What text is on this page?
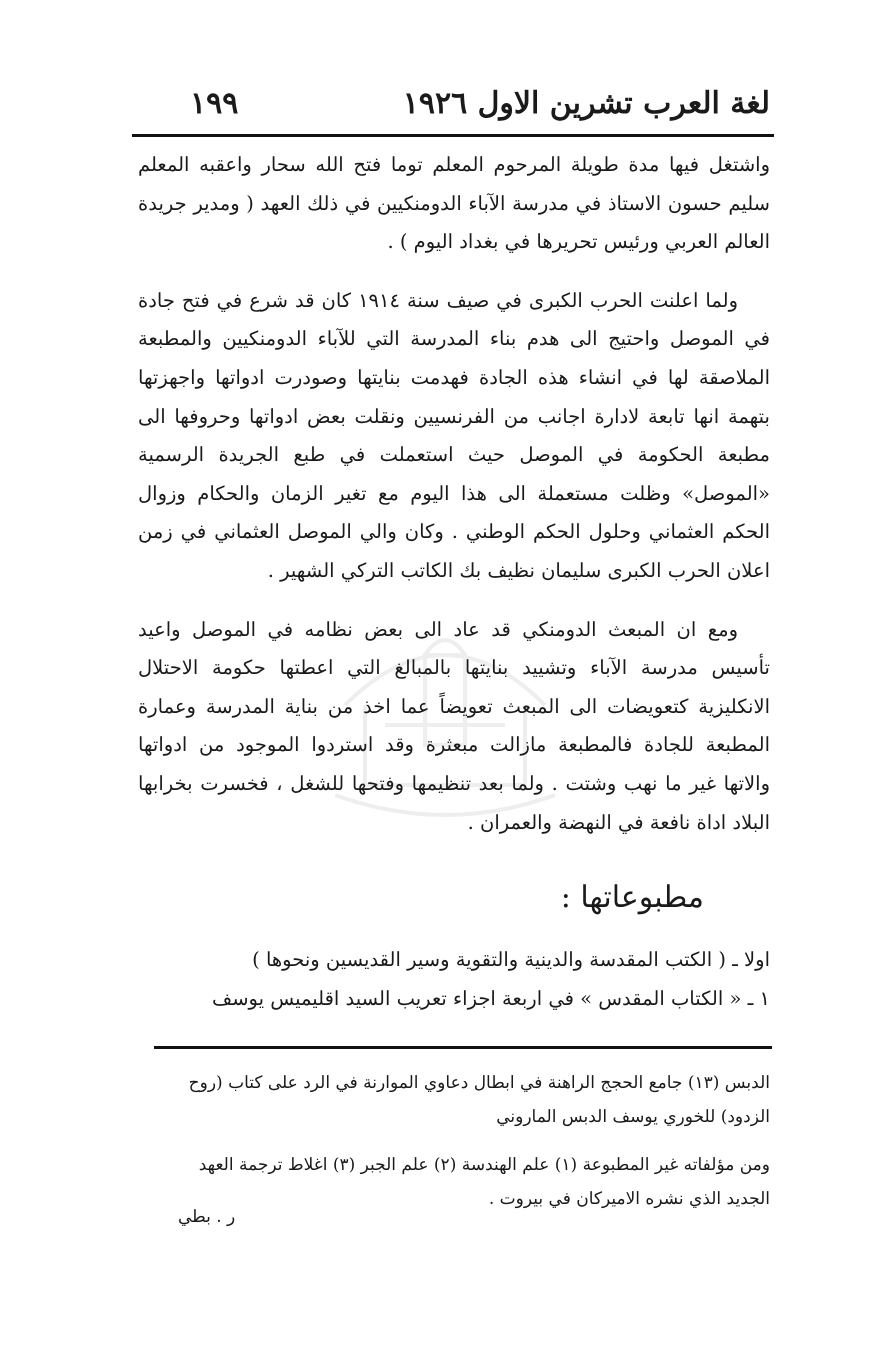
لغة العرب تشرين الاول ١٩٢٦
١٩٩

واشتغل فيها مدة طويلة المرحوم المعلم توما فتح الله سحار واعقبه المعلم سليم حسون الاستاذ في مدرسة الآباء الدومنكيين في ذلك العهد ( ومدير جريدة العالم العربي ورئيس تحريرها في بغداد اليوم ) .

ولما اعلنت الحرب الكبرى في صيف سنة ١٩١٤ كان قد شرع في فتح جادة في الموصل واحتيج الى هدم بناء المدرسة التي للآباء الدومنكيين والمطبعة الملاصقة لها في انشاء هذه الجادة فهدمت بنايتها وصودرت ادواتها واجهزتها بتهمة انها تابعة لادارة اجانب من الفرنسيين ونقلت بعض ادواتها وحروفها الى مطبعة الحكومة في الموصل حيث استعملت في طبع الجريدة الرسمية «الموصل» وظلت مستعملة الى هذا اليوم مع تغير الزمان والحكام وزوال الحكم العثماني وحلول الحكم الوطني . وكان والي الموصل العثماني في زمن اعلان الحرب الكبرى سليمان نظيف بك الكاتب التركي الشهير .

ومع ان المبعث الدومنكي قد عاد الى بعض نظامه في الموصل واعيد تأسيس مدرسة الآباء وتشييد بنايتها بالمبالغ التي اعطتها حكومة الاحتلال الانكليزية كتعويضات الى المبعث تعويضاً عما اخذ من بناية المدرسة وعمارة المطبعة للجادة فالمطبعة مازالت مبعثرة وقد استردوا الموجود من ادواتها والاتها غير ما نهب وشتت . ولما بعد تنظيمها وفتحها للشغل ، فخسرت بخرابها البلاد اداة نافعة في النهضة والعمران .

مطبوعاتها :
اولا ـ ( الكتب المقدسة والدينية والتقوية وسير القديسين ونحوها )
١ ـ « الكتاب المقدس » في اربعة اجزاء تعريب السيد اقليميس يوسف

الدبس (١٣) جامع الحجج الراهنة في ابطال دعاوي الموارنة في الرد على كتاب (روح الزدود) للخوري يوسف الدبس الماروني

ومن مؤلفاته غير المطبوعة (١) علم الهندسة (٢) علم الجبر (٣) اغلاط ترجمة العهد الجديد الذي نشره الاميركان في بيروت .

ر . بطي
